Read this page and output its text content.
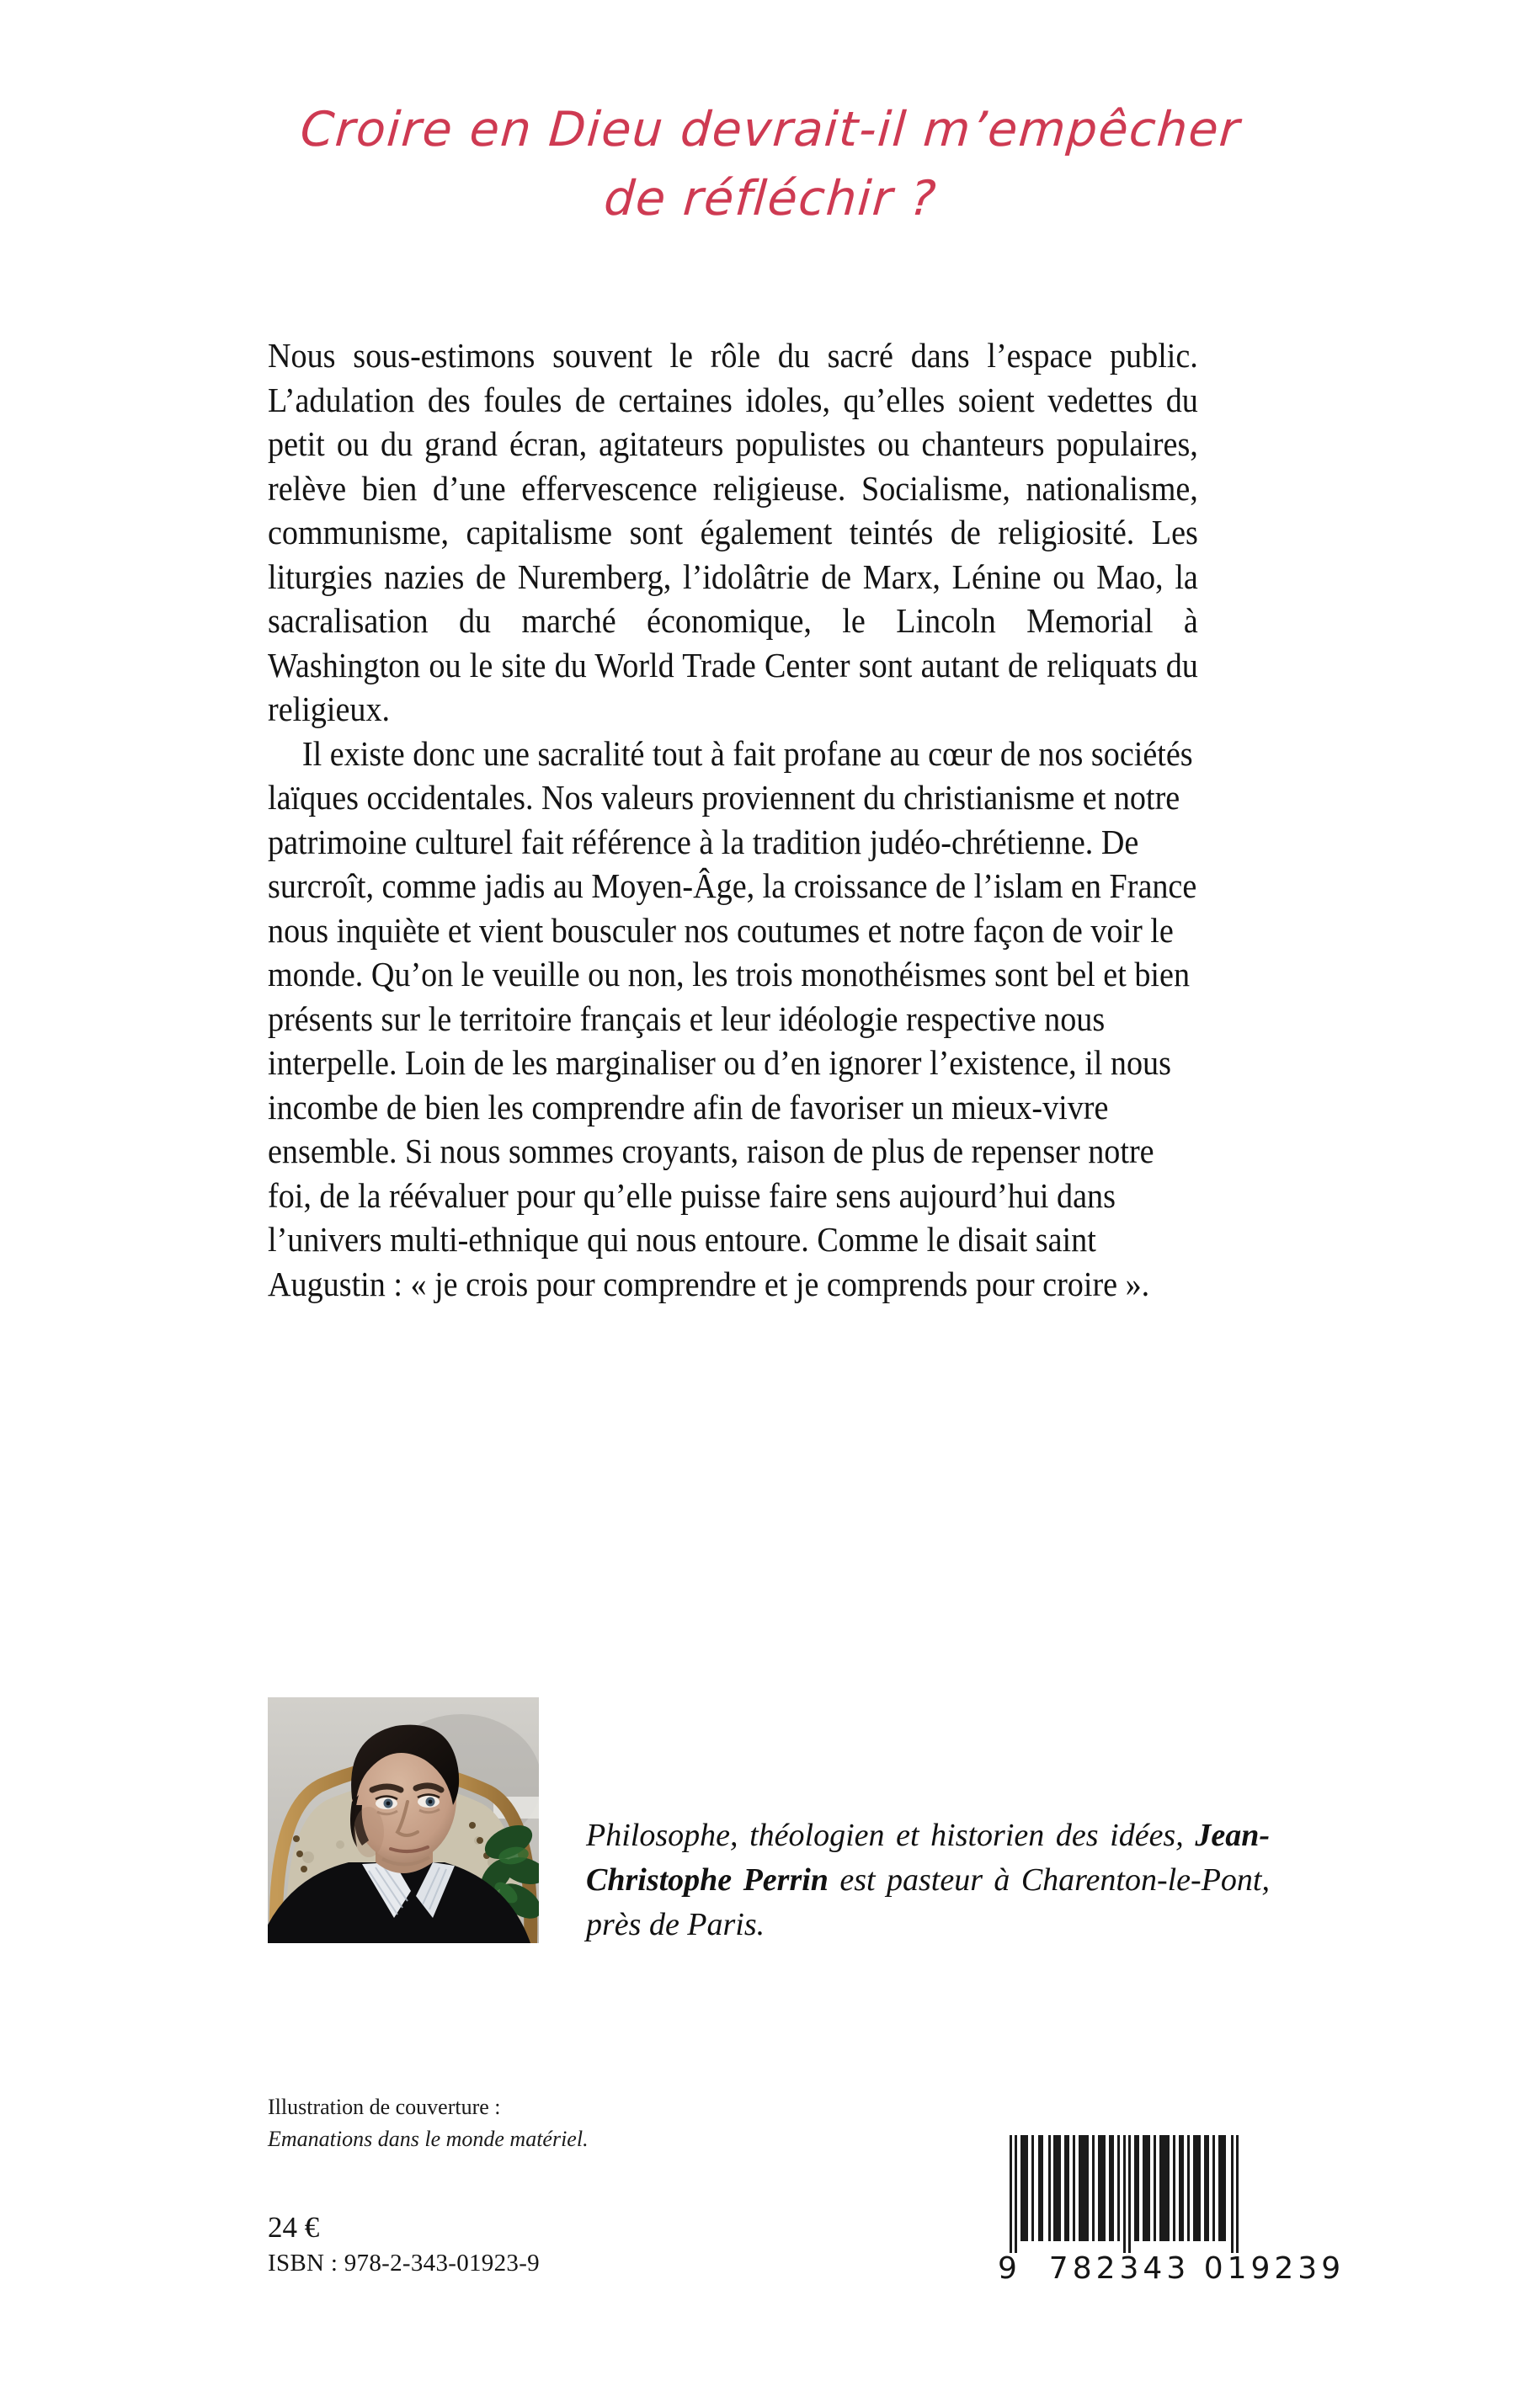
Croire en Dieu devrait-il m’empêcher
de réfléchir ?

Nous sous-estimons souvent le rôle du sacré dans l’espace public. L’adulation des foules de certaines idoles, qu’elles soient vedettes du petit ou du grand écran, agitateurs populistes ou chanteurs populaires, relève bien d’une effervescence religieuse. Socialisme, nationalisme, communisme, capitalisme sont également teintés de religiosité. Les liturgies nazies de Nuremberg, l’idolâtrie de Marx, Lénine ou Mao, la sacralisation du marché économique, le Lincoln Memorial à Washington ou le site du World Trade Center sont autant de reliquats du religieux.

Il existe donc une sacralité tout à fait profane au cœur de nos sociétés laïques occidentales. Nos valeurs proviennent du christianisme et notre patrimoine culturel fait référence à la tradition judéo-chrétienne. De surcroît, comme jadis au Moyen-Âge, la croissance de l’islam en France nous inquiète et vient bousculer nos coutumes et notre façon de voir le monde. Qu’on le veuille ou non, les trois monothéismes sont bel et bien présents sur le territoire français et leur idéologie respective nous interpelle. Loin de les marginaliser ou d’en ignorer l’existence, il nous incombe de bien les comprendre afin de favoriser un mieux-vivre ensemble. Si nous sommes croyants, raison de plus de repenser notre foi, de la réévaluer pour qu’elle puisse faire sens aujourd’hui dans l’univers multi-ethnique qui nous entoure. Comme le disait saint Augustin : « je crois pour comprendre et je comprends pour croire ».

Philosophe, théologien et historien des idées, Jean-Christophe Perrin est pasteur à Charenton-le-Pont, près de Paris.
Illustration de couverture :
Emanations dans le monde matériel.
24 €
ISBN : 978-2-343-01923-9	9 782343 019239
